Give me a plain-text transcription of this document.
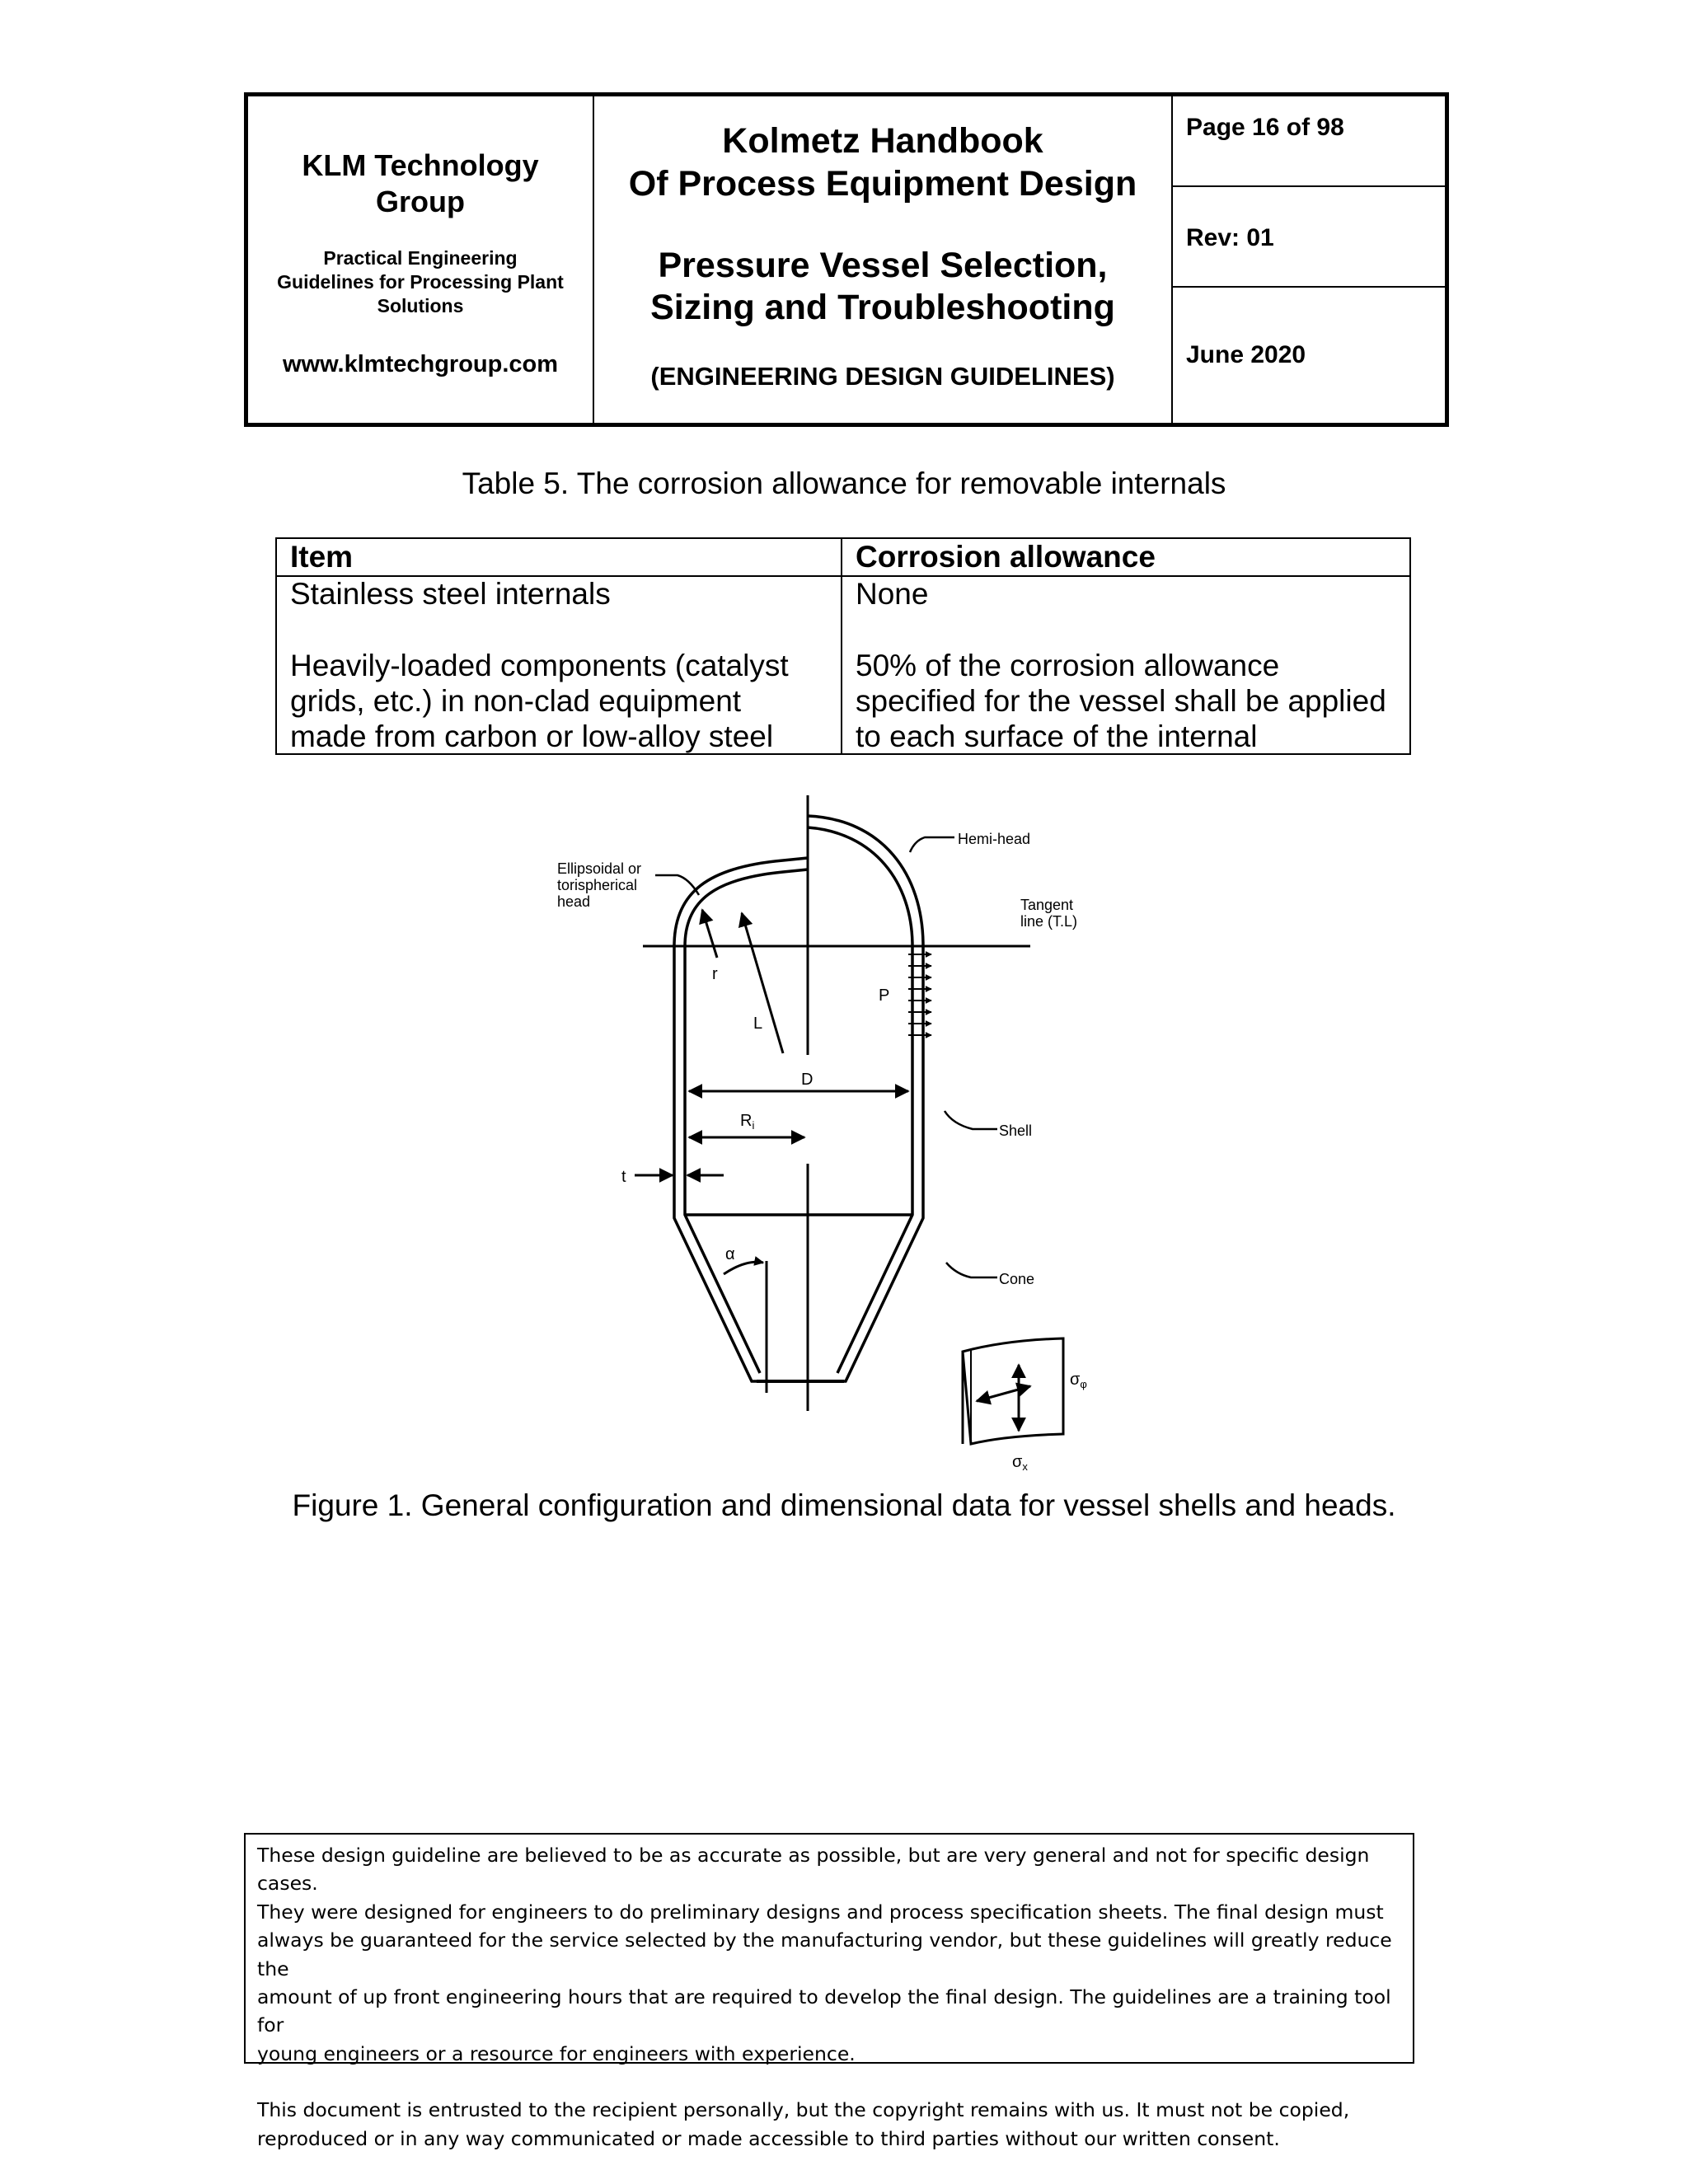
KLM Technology
Group
Practical Engineering
Guidelines for Processing Plant
Solutions
www.klmtechgroup.com
Kolmetz Handbook
Of Process Equipment Design
Pressure Vessel Selection,
Sizing and Troubleshooting
(ENGINEERING DESIGN GUIDELINES)
Page 16 of 98
Rev: 01
June 2020
Table 5. The corrosion allowance for removable internals
Item	Corrosion allowance
Stainless steel internals	None
Heavily-loaded components (catalyst
grids, etc.) in non-clad equipment
made from carbon or low-alloy steel
50% of the corrosion allowance
specified for the vessel shall be applied
to each surface of the internal
Ellipsoidal or
torispherical
head
Hemi-head
Tangent
line (T.L)
Shell
Cone
r
L
P
D
$R_i$
t
α
$\sigma_\varphi$
$\sigma_x$
Figure 1. General configuration and dimensional data for vessel shells and heads.

These design guideline are believed to be as accurate as possible, but are very general and not for specific design cases.
They were designed for engineers to do preliminary designs and process specification sheets. The final design must
always be guaranteed for the service selected by the manufacturing vendor, but these guidelines will greatly reduce the
amount of up front engineering hours that are required to develop the final design. The guidelines are a training tool for
young engineers or a resource for engineers with experience.

This document is entrusted to the recipient personally, but the copyright remains with us. It must not be copied,
reproduced or in any way communicated or made accessible to third parties without our written consent.
